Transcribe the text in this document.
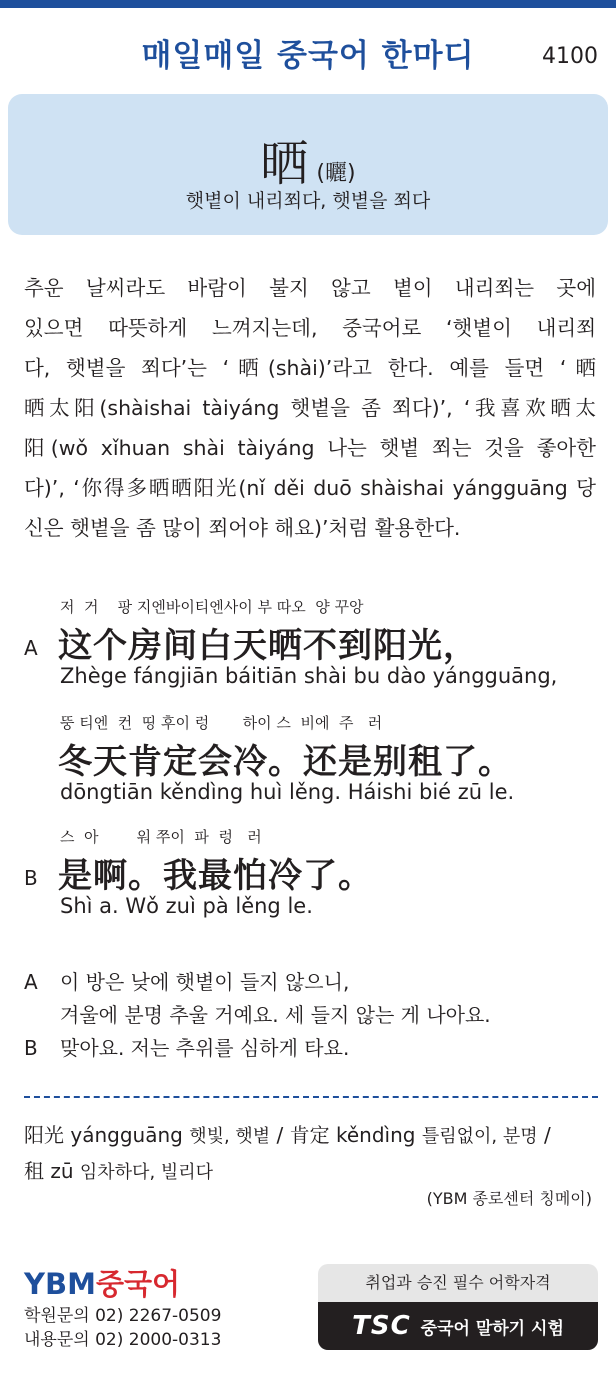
매일매일 중국어 한마디	4100
晒 (曬)
햇볕이 내리쬐다, 햇볕을 쬐다
추운 날씨라도 바람이 불지 않고 볕이 내리쬐는 곳에
있으면 따뜻하게 느껴지는데, 중국어로 ‘햇볕이 내리쬐
다, 햇볕을 쬐다’는 ‘晒(shài)’라고 한다. 예를 들면 ‘晒
晒太阳(shàishai tàiyáng 햇볕을 좀 쬐다)’, ‘我喜欢晒太
阳(wǒ xǐhuan shài tàiyáng 나는 햇볕 쬐는 것을 좋아한
다)’, ‘你得多晒晒阳光(nǐ děi duō shàishai yángguāng 당
신은 햇볕을 좀 많이 쬐어야 해요)’처럼 활용한다.
저  거    팡 지엔바이티엔사이 부 따오  양 꾸앙
A 这个房间白天晒不到阳光，
Zhège fángjiān báitiān shài bu dào yángguāng,
뚱 티엔  컨  띵 후이 렁       하이 스  비에  주   러
冬天肯定会冷。还是别租了。
dōngtiān kěndìng huì lěng. Háishi bié zū le.
스  아        워 쭈이  파  렁   러
B 是啊。我最怕冷了。
Shì a. Wǒ zuì pà lěng le.
A 이 방은 낮에 햇볕이 들지 않으니,
겨울에 분명 추울 거예요. 세 들지 않는 게 나아요.
B 맞아요. 저는 추위를 심하게 타요.
阳光 yángguāng 햇빛, 햇볕 / 肯定 kěndìng 틀림없이, 분명 /
租 zū 임차하다, 빌리다
(YBM 종로센터 칭메이)
YBM중국어
학원문의 02) 2267-0509
내용문의 02) 2000-0313
취업과 승진 필수 어학자격
TSC 중국어 말하기 시험
